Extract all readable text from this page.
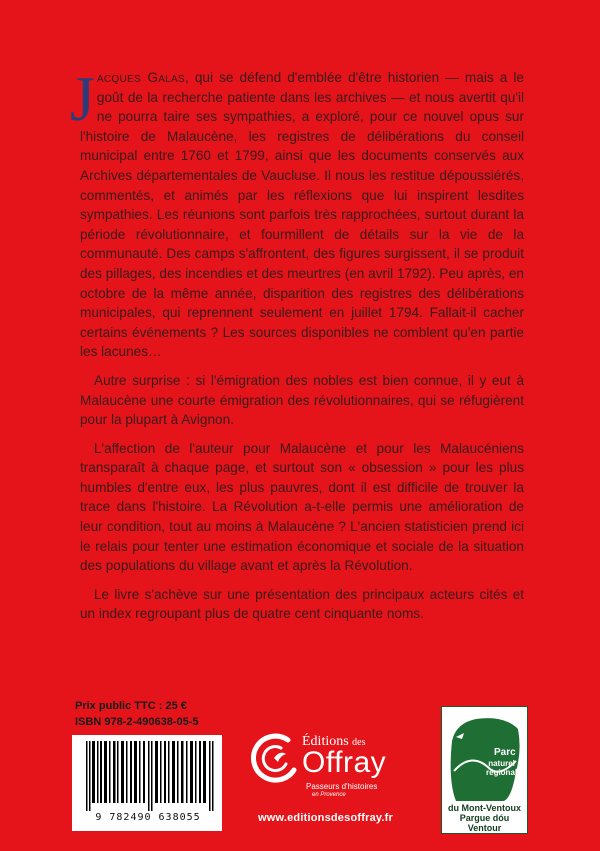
Jacques Galas, qui se défend d'emblée d'être historien — mais a le goût de la recherche patiente dans les archives — et nous avertit qu'il ne pourra taire ses sympathies, a exploré, pour ce nouvel opus sur l'histoire de Malaucène, les registres de délibérations du conseil municipal entre 1760 et 1799, ainsi que les documents conservés aux Archives départementales de Vaucluse. Il nous les restitue dépoussiérés, commentés, et animés par les réflexions que lui inspirent lesdites sympathies. Les réunions sont parfois très rapprochées, surtout durant la période révolutionnaire, et fourmillent de détails sur la vie de la communauté. Des camps s'affrontent, des figures surgissent, il se produit des pillages, des incendies et des meurtres (en avril 1792). Peu après, en octobre de la même année, disparition des registres des délibérations municipales, qui reprennent seulement en juillet 1794. Fallait-il cacher certains événements ? Les sources disponibles ne comblent qu'en partie les lacunes…

Autre surprise : si l'émigration des nobles est bien connue, il y eut à Malaucène une courte émigration des révolutionnaires, qui se réfugièrent pour la plupart à Avignon.

L'affection de l'auteur pour Malaucène et pour les Malaucéniens transparaît à chaque page, et surtout son « obsession » pour les plus humbles d'entre eux, les plus pauvres, dont il est difficile de trouver la trace dans l'histoire. La Révolution a-t-elle permis une amélioration de leur condition, tout au moins à Malaucène ? L'ancien statisticien prend ici le relais pour tenter une estimation économique et sociale de la situation des populations du village avant et après la Révolution.

Le livre s'achève sur une présentation des principaux acteurs cités et un index regroupant plus de quatre cent cinquante noms.

Prix public TTC : 25 €
ISBN 978-2-490638-05-5
9 782490 638055
Éditions des
Offray
Passeurs d'histoires
en Provence
www.editionsdesoffray.fr
Parc
naturel
régional
du Mont-Ventoux
Pargue dóu Ventour
